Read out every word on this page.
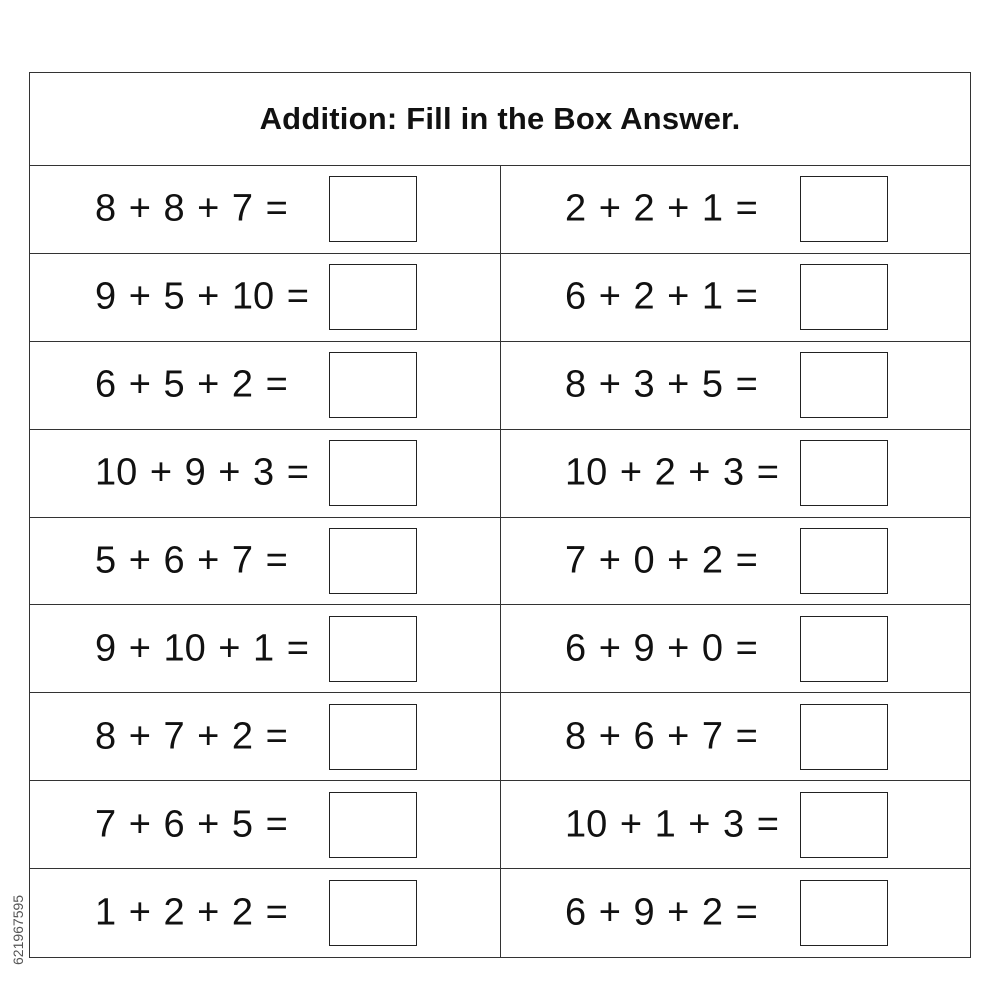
Addition: Fill in the Box Answer.
8 + 8 + 7 =	2 + 2 + 1 =
9 + 5 + 10 =	6 + 2 + 1 =
6 + 5 + 2 =	8 + 3 + 5 =
10 + 9 + 3 =	10 + 2 + 3 =
5 + 6 + 7 =	7 + 0 + 2 =
9 + 10 + 1 =	6 + 9 + 0 =
8 + 7 + 2 =	8 + 6 + 7 =
7 + 6 + 5 =	10 + 1 + 3 =
1 + 2 + 2 =	6 + 9 + 2 =
621967595
